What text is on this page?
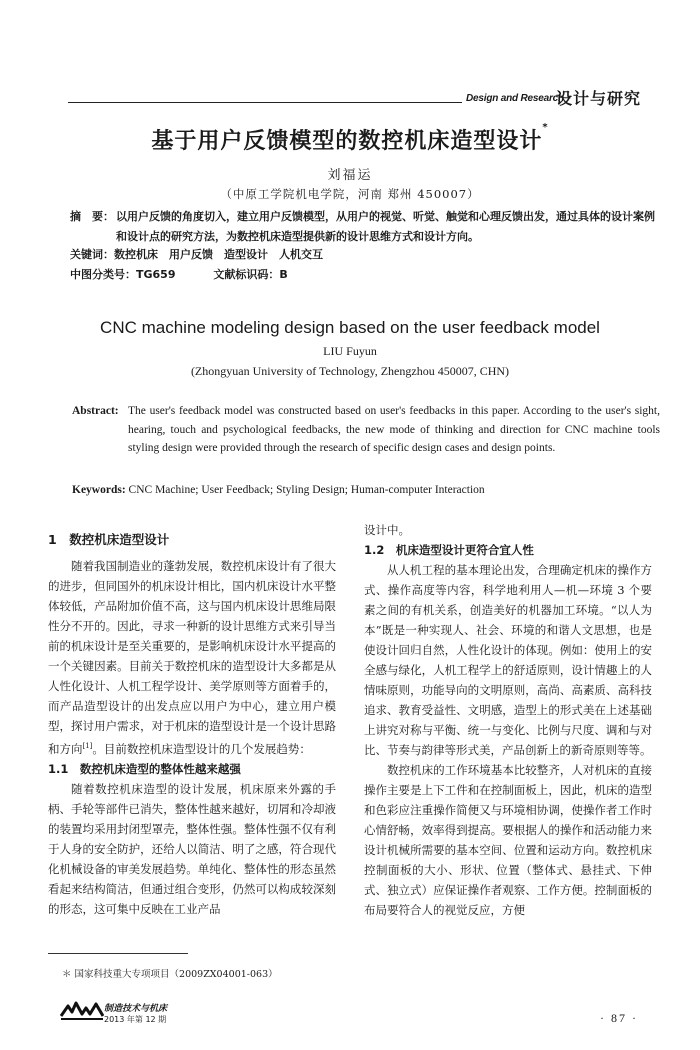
Design and Research
设计与研究
基于用户反馈模型的数控机床造型设计*
刘福运
（中原工学院机电学院，河南 郑州 450007）
摘　要： 以用户反馈的角度切入，建立用户反馈模型，从用户的视觉、听觉、触觉和心理反馈出发，通过具体的设计案例和设计点的研究方法，为数控机床造型提供新的设计思维方式和设计方向。
关键词：数控机床　用户反馈　造型设计　人机交互
中图分类号：TG659	文献标识码：B
CNC machine modeling design based on the user feedback model
LIU Fuyun
(Zhongyuan University of Technology, Zhengzhou 450007, CHN)
Abstract: The user's feedback model was constructed based on user's feedbacks in this paper. According to the user's sight, hearing, touch and psychological feedbacks, the new mode of thinking and direction for CNC machine tools styling design were provided through the research of specific design cases and design points.
Keywords: CNC Machine; User Feedback; Styling Design; Human-computer Interaction
1　数控机床造型设计

随着我国制造业的蓬勃发展，数控机床设计有了很大的进步，但同国外的机床设计相比，国内机床设计水平整体较低，产品附加价值不高，这与国内机床设计思维局限性分不开的。因此，寻求一种新的设计思维方式来引导当前的机床设计是至关重要的，是影响机床设计水平提高的一个关键因素。目前关于数控机床的造型设计大多都是从人性化设计、人机工程学设计、美学原则等方面着手的，而产品造型设计的出发点应以用户为中心，建立用户模型，探讨用户需求，对于机床的造型设计是一个设计思路和方向[1]。目前数控机床造型设计的几个发展趋势：

1.1　数控机床造型的整体性越来越强

随着数控机床造型的设计发展，机床原来外露的手柄、手轮等部件已消失，整体性越来越好，切屑和冷却液的装置均采用封闭型罩壳，整体性强。整体性强不仅有利于人身的安全防护，还给人以简洁、明了之感，符合现代化机械设备的审美发展趋势。单纯化、整体性的形态虽然看起来结构简洁，但通过组合变形，仍然可以构成较深刻的形态，这可集中反映在工业产品

设计中。

1.2　机床造型设计更符合宜人性

从人机工程的基本理论出发，合理确定机床的操作方式、操作高度等内容，科学地利用人—机—环境 3 个要素之间的有机关系，创造美好的机器加工环境。“以人为本”既是一种实现人、社会、环境的和谐人文思想，也是使设计回归自然，人性化设计的体现。例如：使用上的安全感与绿化，人机工程学上的舒适原则，设计情趣上的人情味原则，功能导向的文明原则，高尚、高素质、高科技追求、教育受益性、文明感，造型上的形式美在上述基础上讲究对称与平衡、统一与变化、比例与尺度、调和与对比、节奏与韵律等形式美，产品创新上的新奇原则等等。

数控机床的工作环境基本比较整齐，人对机床的直接操作主要是上下工件和在控制面板上，因此，机床的造型和色彩应注重操作简便又与环境相协调，使操作者工作时心情舒畅，效率得到提高。要根据人的操作和活动能力来设计机械所需要的基本空间、位置和运动方向。数控机床控制面板的大小、形状、位置（整体式、悬挂式、下伸式、独立式）应保证操作者观察、工作方便。控制面板的布局要符合人的视觉反应，方便

＊ 国家科技重大专项项目（2009ZX04001-063）
制造技术与机床
2013 年第 12 期	· 87 ·
